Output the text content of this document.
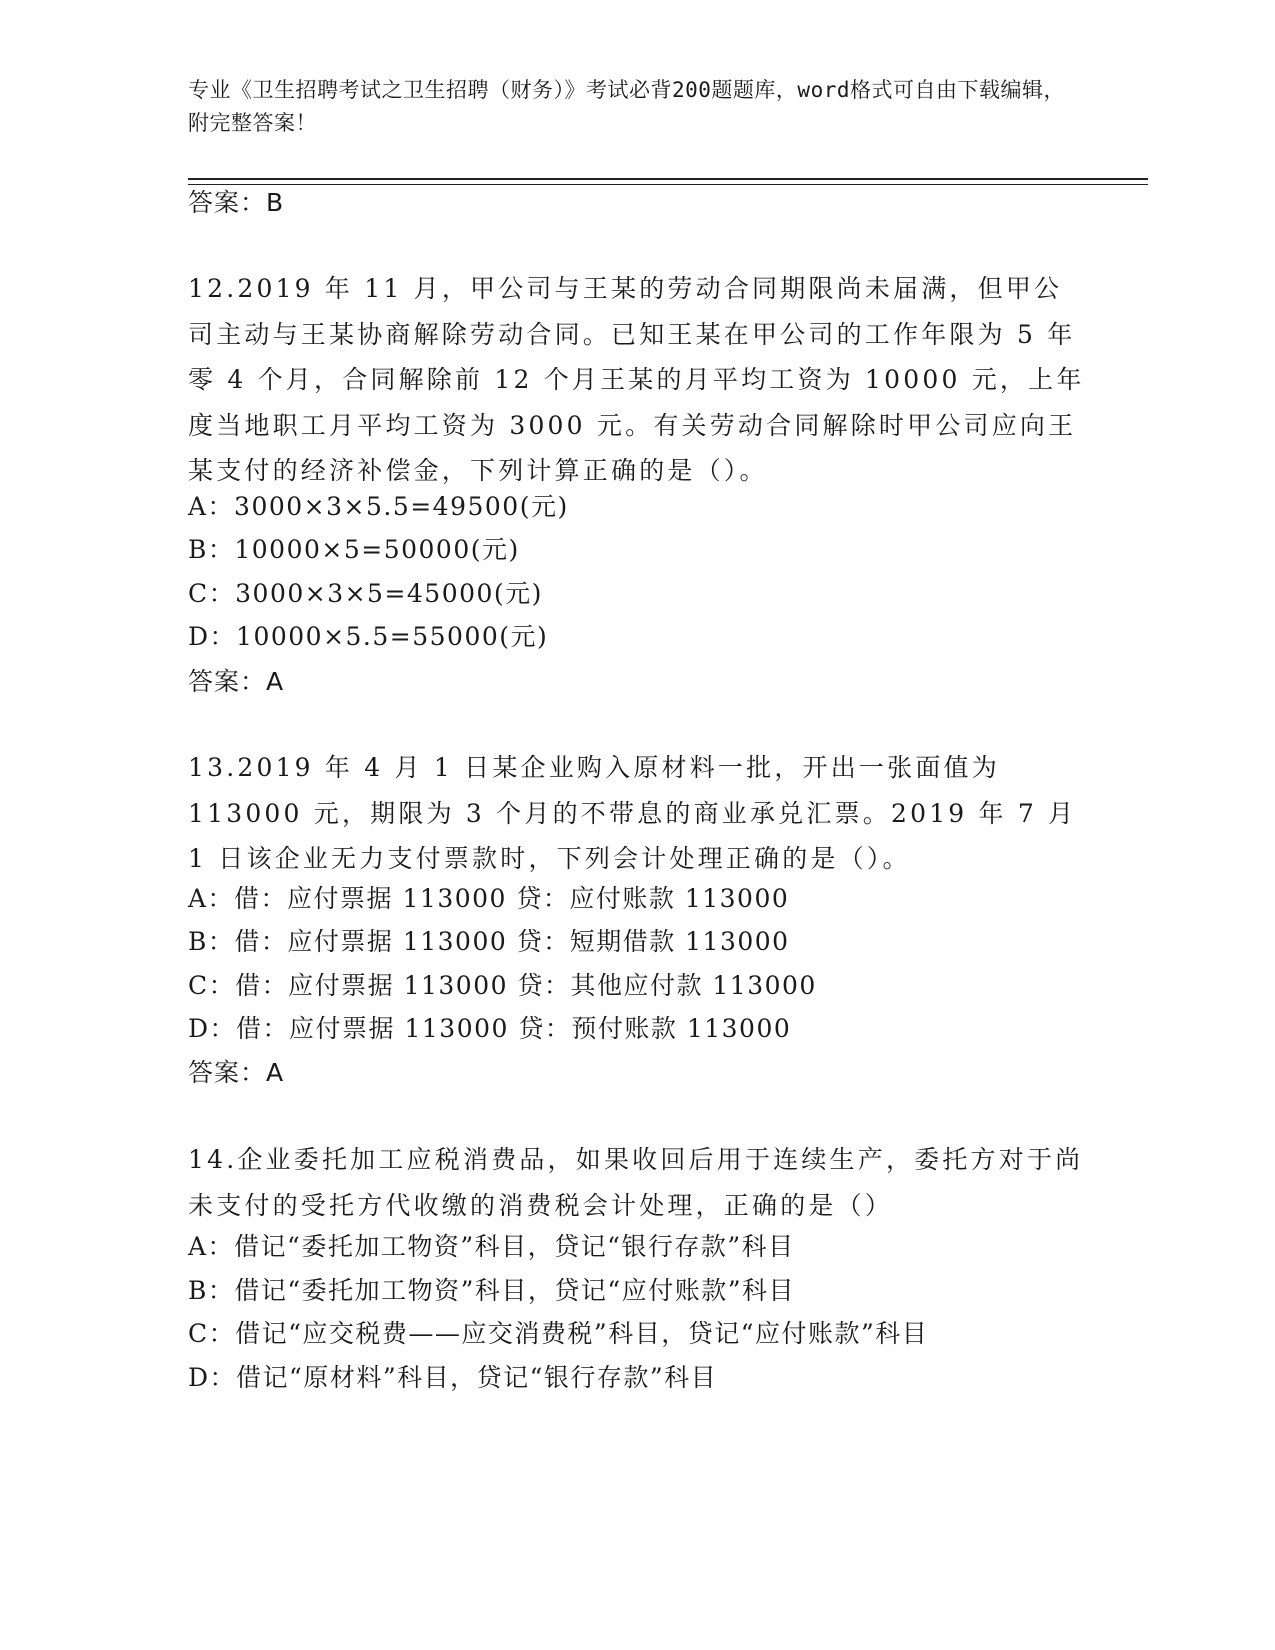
专业《卫生招聘考试之卫生招聘（财务）》考试必背200题题库，word格式可自由下载编辑，附完整答案！
答案：B
12.2019 年 11 月，甲公司与王某的劳动合同期限尚未届满，但甲公司主动与王某协商解除劳动合同。已知王某在甲公司的工作年限为 5 年零 4 个月，合同解除前 12 个月王某的月平均工资为 10000 元，上年度当地职工月平均工资为 3000 元。有关劳动合同解除时甲公司应向王某支付的经济补偿金，下列计算正确的是（）。
A：3000×3×5.5=49500(元)
B：10000×5=50000(元)
C：3000×3×5=45000(元)
D：10000×5.5=55000(元)
答案：A
13.2019 年 4 月 1 日某企业购入原材料一批，开出一张面值为 113000 元，期限为 3 个月的不带息的商业承兑汇票。2019 年 7 月 1 日该企业无力支付票款时，下列会计处理正确的是（）。
A：借：应付票据 113000 贷：应付账款 113000
B：借：应付票据 113000 贷：短期借款 113000
C：借：应付票据 113000 贷：其他应付款 113000
D：借：应付票据 113000 贷：预付账款 113000
答案：A
14.企业委托加工应税消费品，如果收回后用于连续生产，委托方对于尚未支付的受托方代收缴的消费税会计处理，正确的是（）
A：借记“委托加工物资”科目，贷记“银行存款”科目
B：借记“委托加工物资”科目，贷记“应付账款”科目
C：借记“应交税费——应交消费税”科目，贷记“应付账款”科目
D：借记“原材料”科目，贷记“银行存款”科目
